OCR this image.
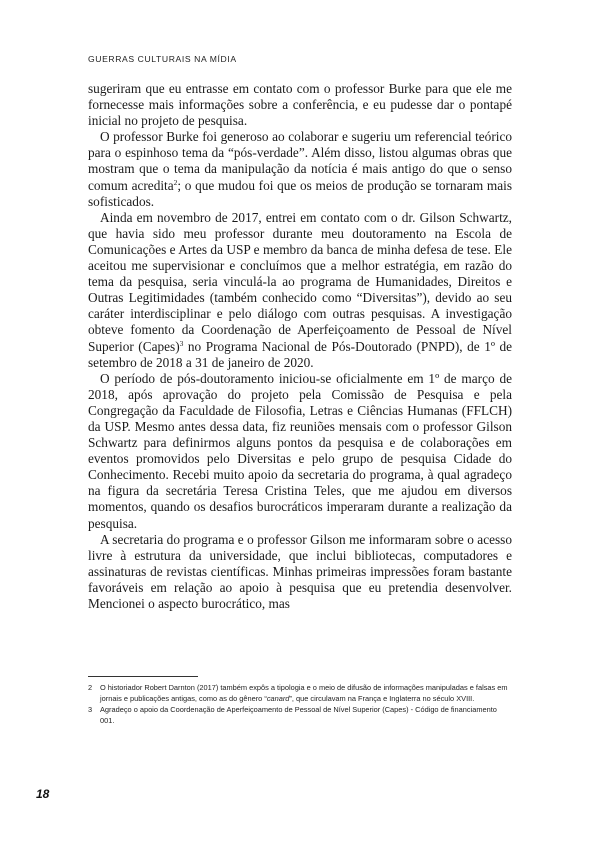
GUERRAS CULTURAIS NA MÍDIA

sugeriram que eu entrasse em contato com o professor Burke para que ele me fornecesse mais informações sobre a conferência, e eu pudesse dar o pontapé inicial no projeto de pesquisa.

O professor Burke foi generoso ao colaborar e sugeriu um referencial teórico para o espinhoso tema da “pós-verdade”. Além disso, listou algumas obras que mostram que o tema da manipulação da notícia é mais antigo do que o senso comum acredita$^2$; o que mudou foi que os meios de produção se tornaram mais sofisticados.

Ainda em novembro de 2017, entrei em contato com o dr. Gilson Schwartz, que havia sido meu professor durante meu doutoramento na Escola de Comunicações e Artes da USP e membro da banca de minha defesa de tese. Ele aceitou me supervisionar e concluímos que a melhor estratégia, em razão do tema da pesquisa, seria vinculá-la ao programa de Humanidades, Direitos e Outras Legitimidades (também conhecido como “Diversitas”), devido ao seu caráter interdisciplinar e pelo diálogo com outras pesquisas. A investigação obteve fomento da Coordenação de Aperfeiçoamento de Pessoal de Nível Superior (Capes)$^3$ no Programa Nacional de Pós-Doutorado (PNPD), de 1º de setembro de 2018 a 31 de janeiro de 2020.

O período de pós-doutoramento iniciou-se oficialmente em 1º de março de 2018, após aprovação do projeto pela Comissão de Pesquisa e pela Congregação da Faculdade de Filosofia, Letras e Ciências Humanas (FFLCH) da USP. Mesmo antes dessa data, fiz reuniões mensais com o professor Gilson Schwartz para definirmos alguns pontos da pesquisa e de colaborações em eventos promovidos pelo Diversitas e pelo grupo de pesquisa Cidade do Conhecimento. Recebi muito apoio da secretaria do programa, à qual agradeço na figura da secretária Teresa Cristina Teles, que me ajudou em diversos momentos, quando os desafios burocráticos imperaram durante a realização da pesquisa.

A secretaria do programa e o professor Gilson me informaram sobre o acesso livre à estrutura da universidade, que inclui bibliotecas, computadores e assinaturas de revistas científicas. Minhas primeiras impressões foram bastante favoráveis em relação ao apoio à pesquisa que eu pretendia desenvolver. Mencionei o aspecto burocrático, mas

2	O historiador Robert Darnton (2017) também expôs a tipologia e o meio de difusão de informações manipuladas e falsas em jornais e publicações antigas, como as do gênero “canard”, que circulavam na França e Inglaterra no século XVIII.
3	Agradeço o apoio da Coordenação de Aperfeiçoamento de Pessoal de Nível Superior (Capes) - Código de financiamento 001.
18
